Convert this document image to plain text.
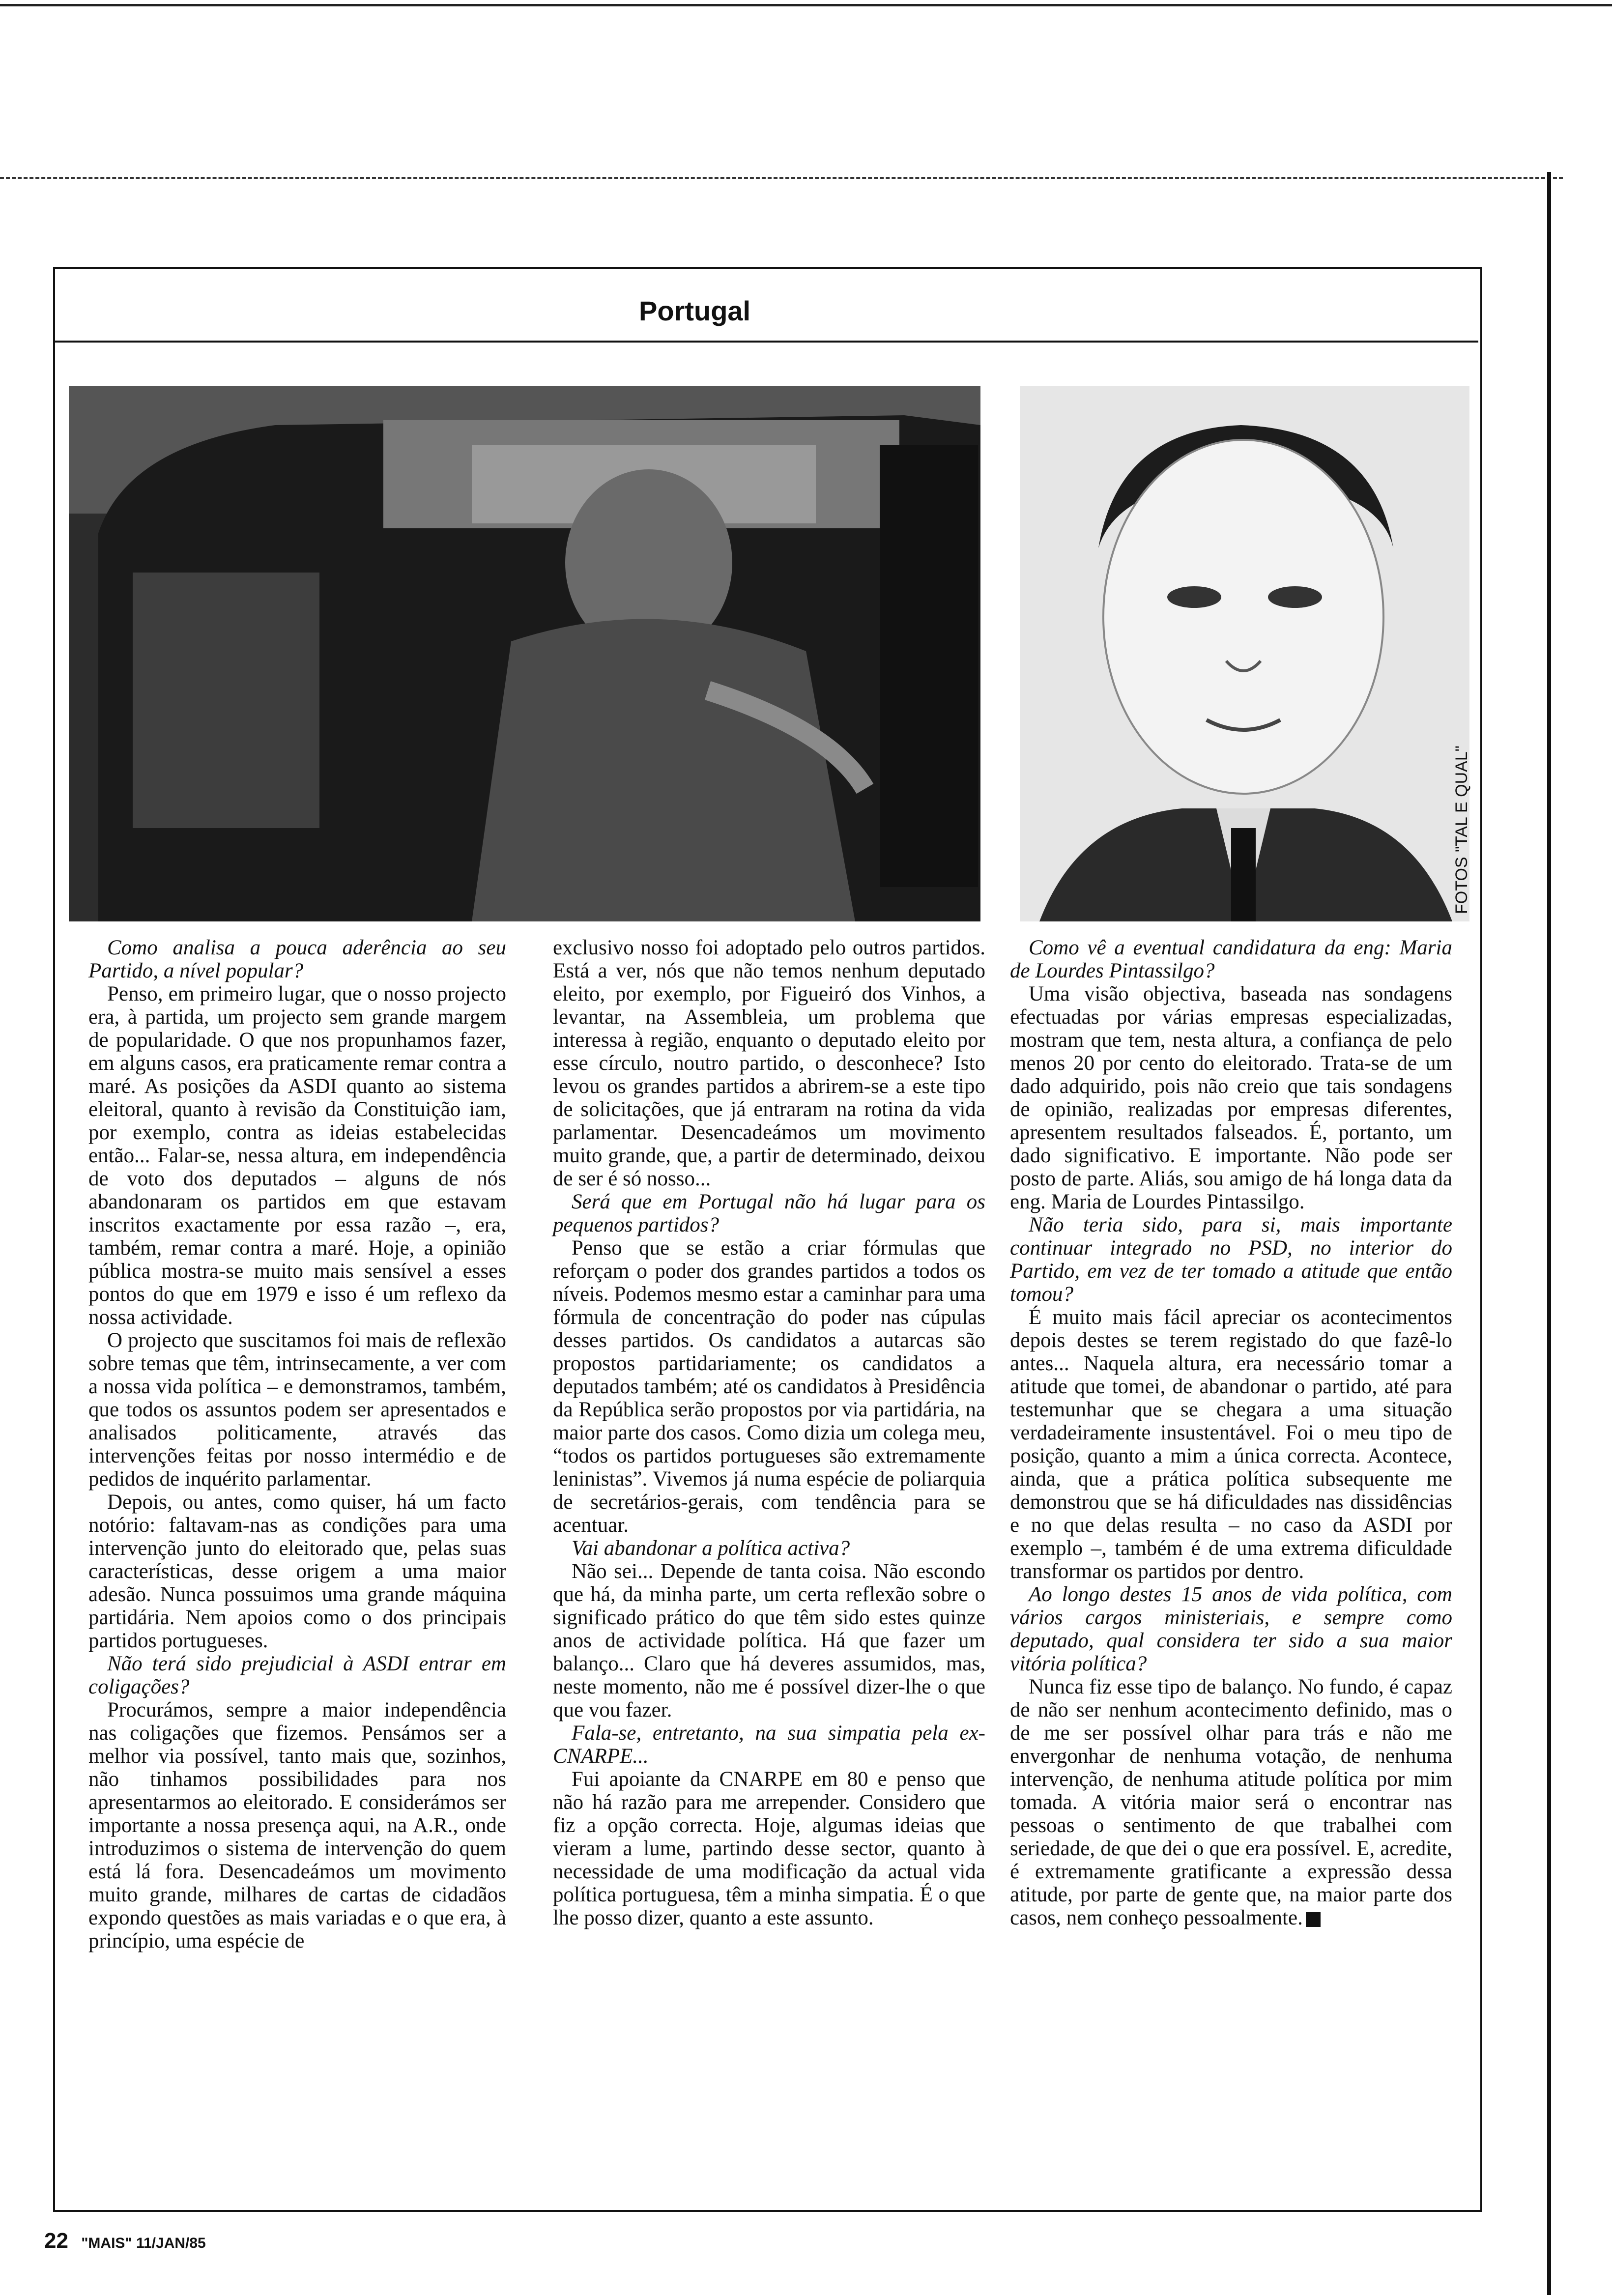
Portugal
FOTOS "TAL E QUAL"

Como analisa a pouca aderência ao seu Partido, a nível popular?

Penso, em primeiro lugar, que o nosso projecto era, à partida, um projecto sem grande margem de popularidade. O que nos propunhamos fazer, em alguns casos, era praticamente remar contra a maré. As posições da ASDI quanto ao sistema eleitoral, quanto à revisão da Constituição iam, por exemplo, contra as ideias estabelecidas então... Falar-se, nessa altura, em independência de voto dos deputados – alguns de nós abandonaram os partidos em que estavam inscritos exactamente por essa razão –, era, também, remar contra a maré. Hoje, a opinião pública mostra-se muito mais sensível a esses pontos do que em 1979 e isso é um reflexo da nossa actividade.

O projecto que suscitamos foi mais de reflexão sobre temas que têm, intrinsecamente, a ver com a nossa vida política – e demonstramos, também, que todos os assuntos podem ser apresentados e analisados politicamente, através das intervenções feitas por nosso intermédio e de pedidos de inquérito parlamentar.

Depois, ou antes, como quiser, há um facto notório: faltavam-nas as condições para uma intervenção junto do eleitorado que, pelas suas características, desse origem a uma maior adesão. Nunca possuimos uma grande máquina partidária. Nem apoios como o dos principais partidos portugueses.

Não terá sido prejudicial à ASDI entrar em coligações?

Procurámos, sempre a maior independência nas coligações que fizemos. Pensámos ser a melhor via possível, tanto mais que, sozinhos, não tinhamos possibilidades para nos apresentarmos ao eleitorado. E considerámos ser importante a nossa presença aqui, na A.R., onde introduzimos o sistema de intervenção do quem está lá fora. Desencadeámos um movimento muito grande, milhares de cartas de cidadãos expondo questões as mais variadas e o que era, à princípio, uma espécie de

exclusivo nosso foi adoptado pelo outros partidos. Está a ver, nós que não temos nenhum deputado eleito, por exemplo, por Figueiró dos Vinhos, a levantar, na Assembleia, um problema que interessa à região, enquanto o deputado eleito por esse círculo, noutro partido, o desconhece? Isto levou os grandes partidos a abrirem-se a este tipo de solicitações, que já entraram na rotina da vida parlamentar. Desencadeámos um movimento muito grande, que, a partir de determinado, deixou de ser é só nosso...

Será que em Portugal não há lugar para os pequenos partidos?

Penso que se estão a criar fórmulas que reforçam o poder dos grandes partidos a todos os níveis. Podemos mesmo estar a caminhar para uma fórmula de concentração do poder nas cúpulas desses partidos. Os candidatos a autarcas são propostos partidariamente; os candidatos a deputados também; até os candidatos à Presidência da República serão propostos por via partidária, na maior parte dos casos. Como dizia um colega meu, “todos os partidos portugueses são extremamente leninistas”. Vivemos já numa espécie de poliarquia de secretários-gerais, com tendência para se acentuar.

Vai abandonar a política activa?

Não sei... Depende de tanta coisa. Não escondo que há, da minha parte, um certa reflexão sobre o significado prático do que têm sido estes quinze anos de actividade política. Há que fazer um balanço... Claro que há deveres assumidos, mas, neste momento, não me é possível dizer-lhe o que que vou fazer.

Fala-se, entretanto, na sua simpatia pela ex-CNARPE...

Fui apoiante da CNARPE em 80 e penso que não há razão para me arrepender. Considero que fiz a opção correcta. Hoje, algumas ideias que vieram a lume, partindo desse sector, quanto à necessidade de uma modificação da actual vida política portuguesa, têm a minha simpatia. É o que lhe posso dizer, quanto a este assunto.

Como vê a eventual candidatura da eng: Maria de Lourdes Pintassilgo?

Uma visão objectiva, baseada nas sondagens efectuadas por várias empresas especializadas, mostram que tem, nesta altura, a confiança de pelo menos 20 por cento do eleitorado. Trata-se de um dado adquirido, pois não creio que tais sondagens de opinião, realizadas por empresas diferentes, apresentem resultados falseados. É, portanto, um dado significativo. E importante. Não pode ser posto de parte. Aliás, sou amigo de há longa data da eng. Maria de Lourdes Pintassilgo.

Não teria sido, para si, mais importante continuar integrado no PSD, no interior do Partido, em vez de ter tomado a atitude que então tomou?

É muito mais fácil apreciar os acontecimentos depois destes se terem registado do que fazê-lo antes... Naquela altura, era necessário tomar a atitude que tomei, de abandonar o partido, até para testemunhar que se chegara a uma situação verdadeiramente insustentável. Foi o meu tipo de posição, quanto a mim a única correcta. Acontece, ainda, que a prática política subsequente me demonstrou que se há dificuldades nas dissidências e no que delas resulta – no caso da ASDI por exemplo –, também é de uma extrema dificuldade transformar os partidos por dentro.

Ao longo destes 15 anos de vida política, com vários cargos ministeriais, e sempre como deputado, qual considera ter sido a sua maior vitória política?

Nunca fiz esse tipo de balanço. No fundo, é capaz de não ser nenhum acontecimento definido, mas o de me ser possível olhar para trás e não me envergonhar de nenhuma votação, de nenhuma intervenção, de nenhuma atitude política por mim tomada. A vitória maior será o encontrar nas pessoas o sentimento de que trabalhei com seriedade, de que dei o que era possível. E, acredite, é extremamente gratificante a expressão dessa atitude, por parte de gente que, na maior parte dos casos, nem conheço pessoalmente.

22 "MAIS" 11/JAN/85
